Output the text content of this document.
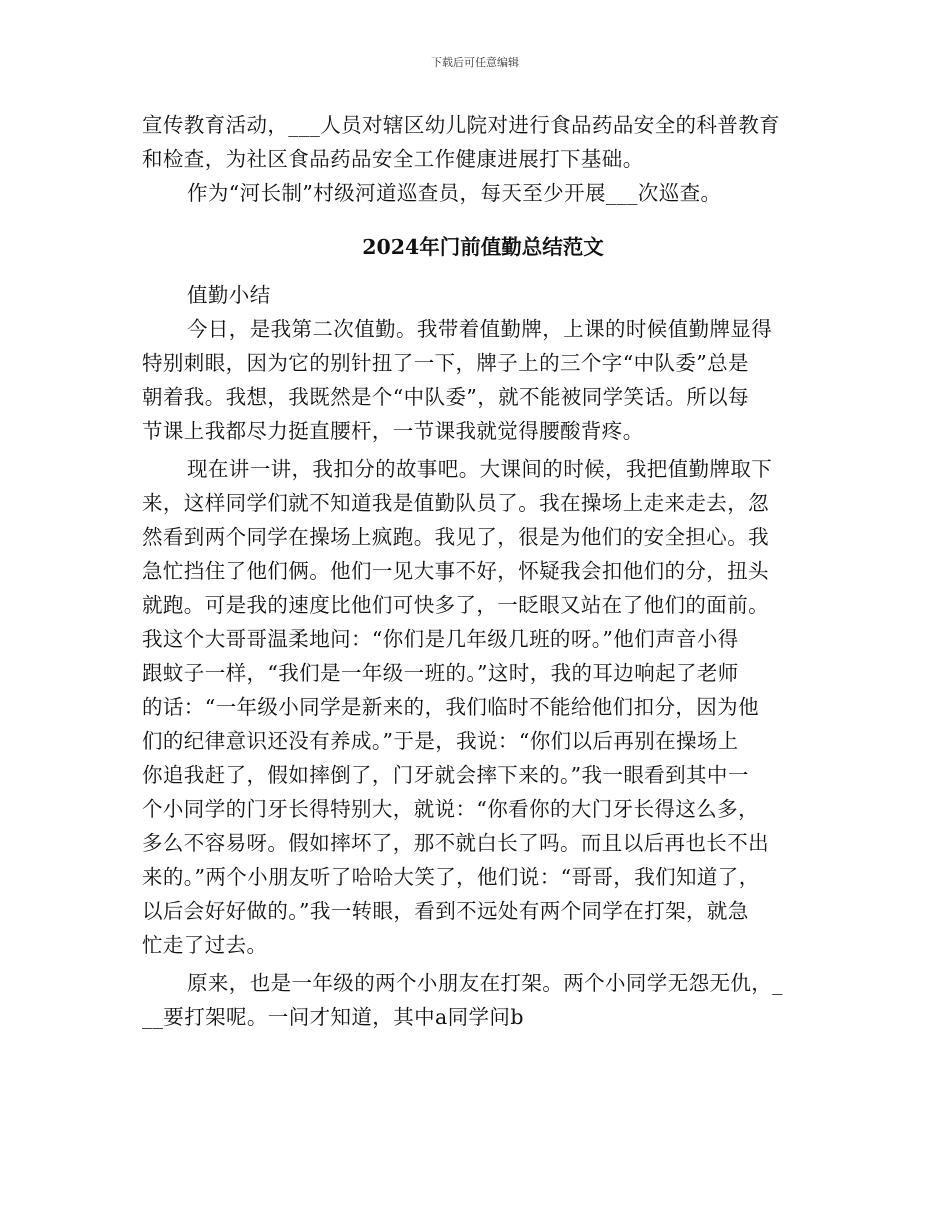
下载后可任意编辑
宣传教育活动，___人员对辖区幼儿院对进行食品药品安全的科普教育
和检查，为社区食品药品安全工作健康进展打下基础。
作为“河长制”村级河道巡查员，每天至少开展___次巡查。
2024年门前值勤总结范文
值勤小结
今日，是我第二次值勤。我带着值勤牌，上课的时候值勤牌显得
特别刺眼，因为它的别针扭了一下，牌子上的三个字“中队委”总是
朝着我。我想，我既然是个“中队委”，就不能被同学笑话。所以每
节课上我都尽力挺直腰杆，一节课我就觉得腰酸背疼。
现在讲一讲，我扣分的故事吧。大课间的时候，我把值勤牌取下
来，这样同学们就不知道我是值勤队员了。我在操场上走来走去，忽
然看到两个同学在操场上疯跑。我见了，很是为他们的安全担心。我
急忙挡住了他们俩。他们一见大事不好，怀疑我会扣他们的分，扭头
就跑。可是我的速度比他们可快多了，一眨眼又站在了他们的面前。
我这个大哥哥温柔地问：“你们是几年级几班的呀。”他们声音小得
跟蚊子一样，“我们是一年级一班的。”这时，我的耳边响起了老师
的话：“一年级小同学是新来的，我们临时不能给他们扣分，因为他
们的纪律意识还没有养成。”于是，我说：“你们以后再别在操场上
你追我赶了，假如摔倒了，门牙就会摔下来的。”我一眼看到其中一
个小同学的门牙长得特别大，就说：“你看你的大门牙长得这么多，
多么不容易呀。假如摔坏了，那不就白长了吗。而且以后再也长不出
来的。”两个小朋友听了哈哈大笑了，他们说：“哥哥，我们知道了，
以后会好好做的。”我一转眼，看到不远处有两个同学在打架，就急
忙走了过去。
原来，也是一年级的两个小朋友在打架。两个小同学无怨无仇，_
__要打架呢。一问才知道，其中a同学问b
